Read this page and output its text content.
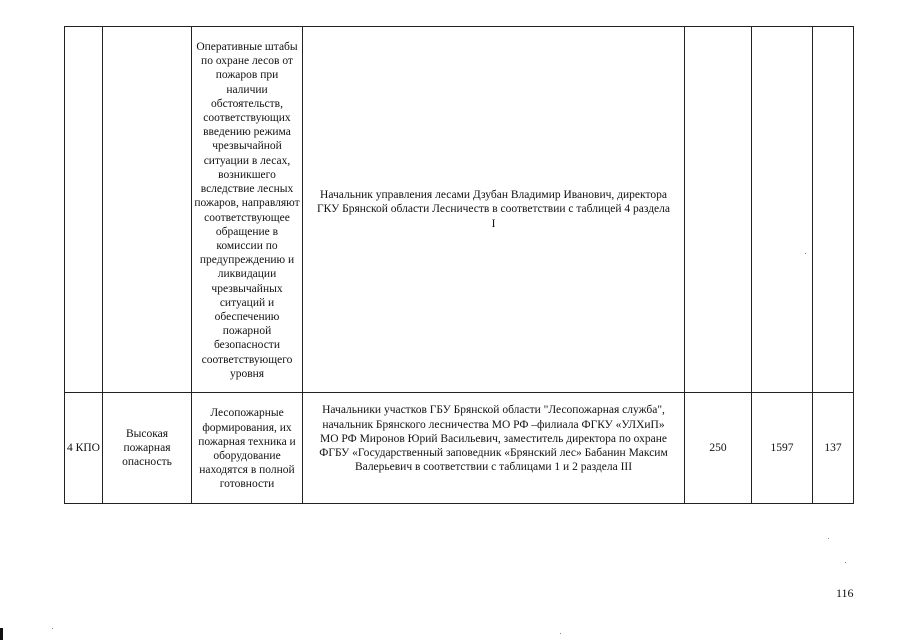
		Оперативные штабы по охране лесов от пожаров при наличии обстоятельств, соответствующих введению режима чрезвычайной ситуации в лесах, возникшего вследствие лесных пожаров, направляют соответствующее обращение в комиссии по предупреждению и ликвидации чрезвычайных ситуаций и обеспечению пожарной безопасности соответствующего уровня	Начальник управления лесами Дзубан Владимир Иванович, директора ГКУ Брянской области Лесничеств в соответствии с таблицей 4 раздела I			

4 КПО	Высокая пожарная опасность	Лесопожарные формирования, их пожарная техника и оборудование находятся в полной готовности	Начальники участков ГБУ Брянской области "Лесопожарная служба", начальник Брянского лесничества МО РФ –филиала ФГКУ «УЛХиП» МО РФ Миронов Юрий Васильевич, заместитель директора по охране ФГБУ «Государственный заповедник «Брянский лес» Бабанин Максим Валерьевич в соответствии с таблицами 1 и 2 раздела III	250	1597	137
116
